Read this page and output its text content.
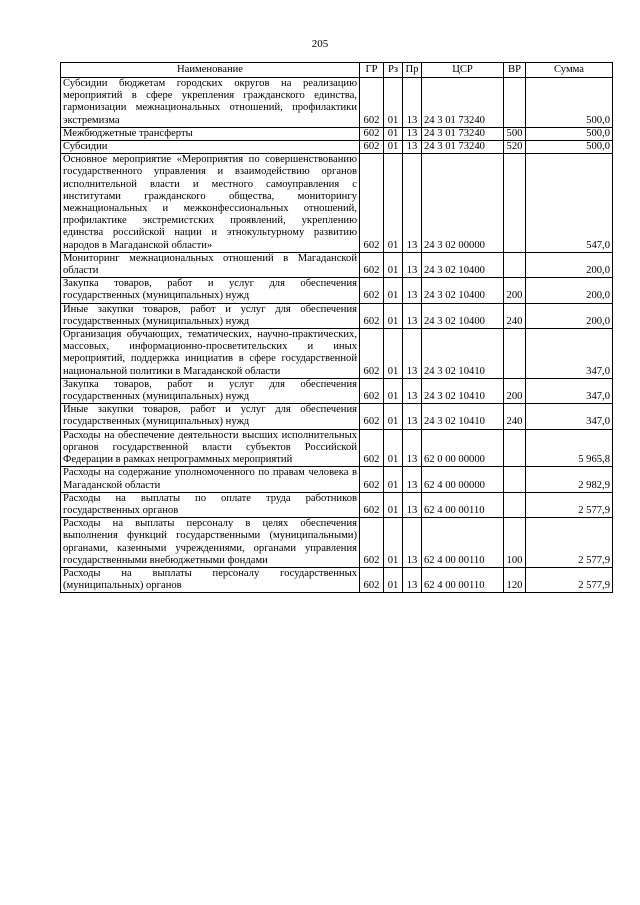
205
Наименование	ГР	Рз	Пр	ЦСР	ВР	Сумма
Субсидии бюджетам городских округов на реализацию мероприятий в сфере укрепления гражданского единства, гармонизации межнациональных отношений, профилактики экстремизма	602	01	13	24 3 01 73240		500,0
Межбюджетные трансферты	602	01	13	24 3 01 73240	500	500,0
Субсидии	602	01	13	24 3 01 73240	520	500,0
Основное мероприятие «Мероприятия по совершенствованию государственного управления и взаимодействию органов исполнительной власти и местного самоуправления с институтами гражданского общества, мониторингу межнациональных и межконфессиональных отношений, профилактике экстремистских проявлений, укреплению единства российской нации и этнокультурному развитию народов в Магаданской области»	602	01	13	24 3 02 00000		547,0
Мониторинг межнациональных отношений в Магаданской области	602	01	13	24 3 02 10400		200,0
Закупка товаров, работ и услуг для обеспечения государственных (муниципальных) нужд	602	01	13	24 3 02 10400	200	200,0
Иные закупки товаров, работ и услуг для обеспечения государственных (муниципальных) нужд	602	01	13	24 3 02 10400	240	200,0
Организация обучающих, тематических, научно-практических, массовых, информационно-просветительских и иных мероприятий, поддержка инициатив в сфере государственной национальной политики в Магаданской области	602	01	13	24 3 02 10410		347,0
Закупка товаров, работ и услуг для обеспечения государственных (муниципальных) нужд	602	01	13	24 3 02 10410	200	347,0
Иные закупки товаров, работ и услуг для обеспечения государственных (муниципальных) нужд	602	01	13	24 3 02 10410	240	347,0
Расходы на обеспечение деятельности высших исполнительных органов государственной власти субъектов Российской Федерации в рамках непрограммных мероприятий	602	01	13	62 0 00 00000		5 965,8
Расходы на содержание уполномоченного по правам человека в Магаданской области	602	01	13	62 4 00 00000		2 982,9
Расходы на выплаты по оплате труда работников государственных органов	602	01	13	62 4 00 00110		2 577,9
Расходы на выплаты персоналу в целях обеспечения выполнения функций государственными (муниципальными) органами, казенными учреждениями, органами управления государственными внебюджетными фондами	602	01	13	62 4 00 00110	100	2 577,9
Расходы на выплаты персоналу государственных (муниципальных) органов	602	01	13	62 4 00 00110	120	2 577,9
